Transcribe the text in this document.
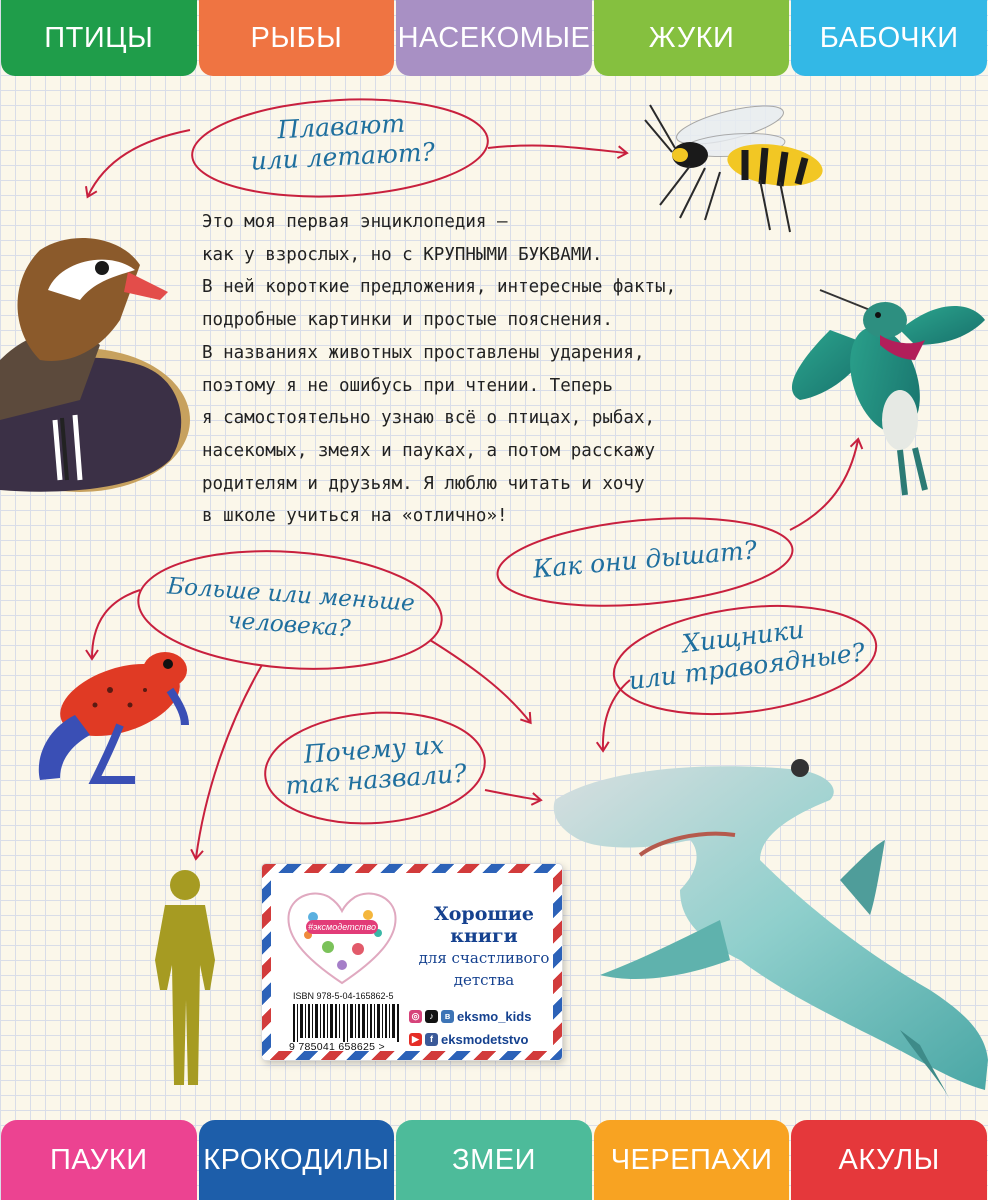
ПТИЦЫ	РЫБЫ	НАСЕКОМЫЕ	ЖУКИ	БАБОЧКИ
Это моя первая энциклопедия —
как у взрослых, но с КРУПНЫМИ БУКВАМИ.
В ней короткие предложения, интересные факты,
подробные картинки и простые пояснения.
В названиях животных проставлены ударения,
поэтому я не ошибусь при чтении. Теперь
я самостоятельно узнаю всё о птицах, рыбах,
насекомых, змеях и пауках, а потом расскажу
родителям и друзьям. Я люблю читать и хочу
в школе учиться на «отлично»!
Плавают
или летают?
Как они дышат?
Больше или меньше
человека?	Хищники
или травоядные?
Почему их
так назвали?
#эксмодетство
Хорошие
книги
для счастливого
детства
ISBN 978-5-04-165862-5
9 785041 658625 >
◎	♪	в eksmo_kids
▶	f eksmodetstvo
ПАУКИ	КРОКОДИЛЫ	ЗМЕИ	ЧЕРЕПАХИ	АКУЛЫ
